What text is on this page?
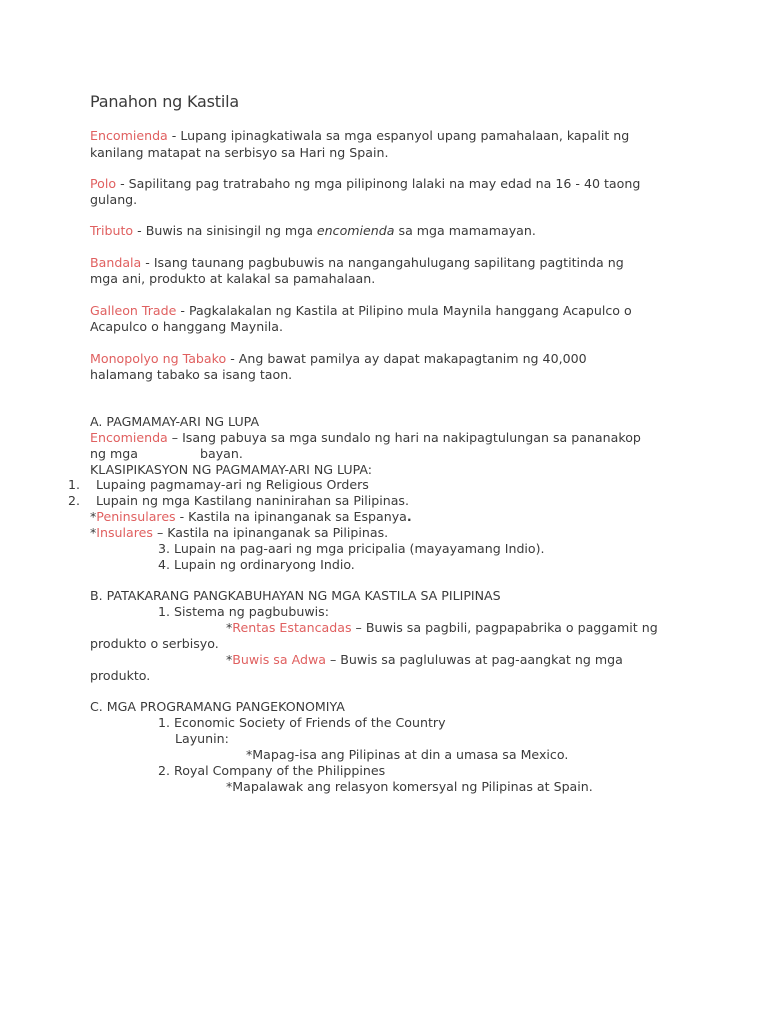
Panahon ng Kastila
Encomienda - Lupang ipinagkatiwala sa mga espanyol upang pamahalaan, kapalit ng
kanilang matapat na serbisyo sa Hari ng Spain.
Polo - Sapilitang pag tratrabaho ng mga pilipinong lalaki na may edad na 16 - 40 taong
gulang.
Tributo - Buwis na sinisingil ng mga encomienda sa mga mamamayan.
Bandala - Isang taunang pagbubuwis na nangangahulugang sapilitang pagtitinda ng
mga ani, produkto at kalakal sa pamahalaan.
Galleon Trade - Pagkalakalan ng Kastila at Pilipino mula Maynila hanggang Acapulco o
Acapulco o hanggang Maynila.
Monopolyo ng Tabako - Ang bawat pamilya ay dapat makapagtanim ng 40,000
halamang tabako sa isang taon.
A. PAGMAMAY-ARI NG LUPA
Encomienda – Isang pabuya sa mga sundalo ng hari na nakipagtulungan sa pananakop
ng mga	bayan.
KLASIPIKASYON NG PAGMAMAY-ARI NG LUPA:
1. Lupaing pagmamay-ari ng Religious Orders
2. Lupain ng mga Kastilang naninirahan sa Pilipinas.
*Peninsulares - Kastila na ipinanganak sa Espanya.
*Insulares – Kastila na ipinanganak sa Pilipinas.
3. Lupain na pag-aari ng mga pricipalia (mayayamang Indio).
4. Lupain ng ordinaryong Indio.
B. PATAKARANG PANGKABUHAYAN NG MGA KASTILA SA PILIPINAS
1. Sistema ng pagbubuwis:
*Rentas Estancadas – Buwis sa pagbili, pagpapabrika o paggamit ng
produkto o serbisyo.
*Buwis sa Adwa – Buwis sa pagluluwas at pag-aangkat ng mga
produkto.
C. MGA PROGRAMANG PANGEKONOMIYA
1. Economic Society of Friends of the Country
Layunin:
*Mapag-isa ang Pilipinas at din a umasa sa Mexico.
2. Royal Company of the Philippines
*Mapalawak ang relasyon komersyal ng Pilipinas at Spain.
